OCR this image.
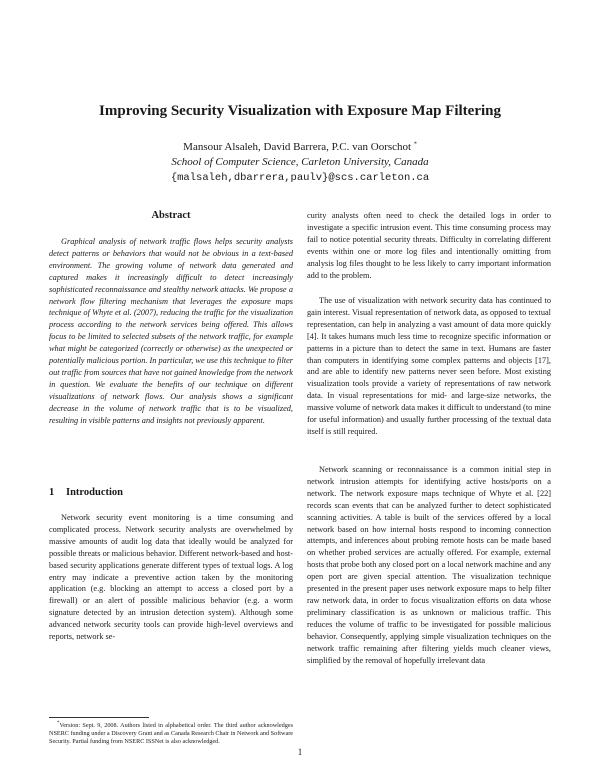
Improving Security Visualization with Exposure Map Filtering
Mansour Alsaleh, David Barrera, P.C. van Oorschot *
School of Computer Science, Carleton University, Canada
{malsaleh,dbarrera,paulv}@scs.carleton.ca
Abstract

Graphical analysis of network traffic flows helps security analysts detect patterns or behaviors that would not be obvious in a text-based environment. The growing volume of network data generated and captured makes it increasingly difficult to detect increasingly sophisticated reconnaissance and stealthy network attacks. We propose a network flow filtering mechanism that leverages the exposure maps technique of Whyte et al. (2007), reducing the traffic for the visualization process according to the network services being offered. This allows focus to be limited to selected subsets of the network traffic, for example what might be categorized (correctly or otherwise) as the unexpected or potentially malicious portion. In particular, we use this technique to filter out traffic from sources that have not gained knowledge from the network in question. We evaluate the benefits of our technique on different visualizations of network flows. Our analysis shows a significant decrease in the volume of network traffic that is to be visualized, resulting in visible patterns and insights not previously apparent.

1 Introduction

Network security event monitoring is a time consuming and complicated process. Network security analysts are overwhelmed by massive amounts of audit log data that ideally would be analyzed for possible threats or malicious behavior. Different network-based and host-based security applications generate different types of textual logs. A log entry may indicate a preventive action taken by the monitoring application (e.g. blocking an attempt to access a closed port by a firewall) or an alert of possible malicious behavior (e.g. a worm signature detected by an intrusion detection system). Although some advanced network security tools can provide high-level overviews and reports, network se-

*Version: Sept. 9, 2008. Authors listed in alphabetical order. The third author acknowledges NSERC funding under a Discovery Grant and as Canada Research Chair in Network and Software Security. Partial funding from NSERC ISSNet is also acknowledged.

curity analysts often need to check the detailed logs in order to investigate a specific intrusion event. This time consuming process may fail to notice potential security threats. Difficulty in correlating different events within one or more log files and intentionally omitting from analysis log files thought to be less likely to carry important information add to the problem.

The use of visualization with network security data has continued to gain interest. Visual representation of network data, as opposed to textual representation, can help in analyzing a vast amount of data more quickly [4]. It takes humans much less time to recognize specific information or patterns in a picture than to detect the same in text. Humans are faster than computers in identifying some complex patterns and objects [17], and are able to identify new patterns never seen before. Most existing visualization tools provide a variety of representations of raw network data. In visual representations for mid- and large-size networks, the massive volume of network data makes it difficult to understand (to mine for useful information) and usually further processing of the textual data itself is still required.

Network scanning or reconnaissance is a common initial step in network intrusion attempts for identifying active hosts/ports on a network. The network exposure maps technique of Whyte et al. [22] records scan events that can be analyzed further to detect sophisticated scanning activities. A table is built of the services offered by a local network based on how internal hosts respond to incoming connection attempts, and inferences about probing remote hosts can be made based on whether probed services are actually offered. For example, external hosts that probe both any closed port on a local network machine and any open port are given special attention. The visualization technique presented in the present paper uses network exposure maps to help filter raw network data, in order to focus visualization efforts on data whose preliminary classification is as unknown or malicious traffic. This reduces the volume of traffic to be investigated for possible malicious behavior. Consequently, applying simple visualization techniques on the network traffic remaining after filtering yields much cleaner views, simplified by the removal of hopefully irrelevant data

1
